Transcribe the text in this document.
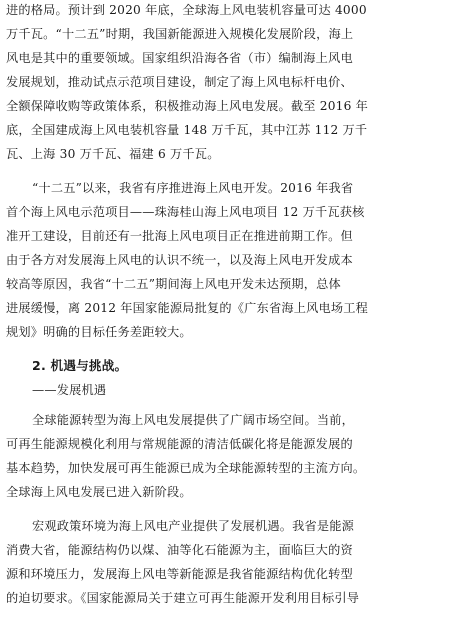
进的格局。预计到 2020 年底，全球海上风电装机容量可达 4000
万千瓦。“十二五”时期，我国新能源进入规模化发展阶段，海上
风电是其中的重要领域。国家组织沿海各省（市）编制海上风电
发展规划，推动试点示范项目建设，制定了海上风电标杆电价、
全额保障收购等政策体系，积极推动海上风电发展。截至 2016 年
底，全国建成海上风电装机容量 148 万千瓦，其中江苏 112 万千
瓦、上海 30 万千瓦、福建 6 万千瓦。
“十二五”以来，我省有序推进海上风电开发。2016 年我省
首个海上风电示范项目——珠海桂山海上风电项目 12 万千瓦获核
准开工建设，目前还有一批海上风电项目正在推进前期工作。但
由于各方对发展海上风电的认识不统一，以及海上风电开发成本
较高等原因，我省“十二五”期间海上风电开发未达预期，总体
进展缓慢，离 2012 年国家能源局批复的《广东省海上风电场工程
规划》明确的目标任务差距较大。
2. 机遇与挑战。
——发展机遇
全球能源转型为海上风电发展提供了广阔市场空间。当前，
可再生能源规模化利用与常规能源的清洁低碳化将是能源发展的
基本趋势，加快发展可再生能源已成为全球能源转型的主流方向。
全球海上风电发展已进入新阶段。
宏观政策环境为海上风电产业提供了发展机遇。我省是能源
消费大省，能源结构仍以煤、油等化石能源为主，面临巨大的资
源和环境压力，发展海上风电等新能源是我省能源结构优化转型
的迫切要求。《国家能源局关于建立可再生能源开发利用目标引导
